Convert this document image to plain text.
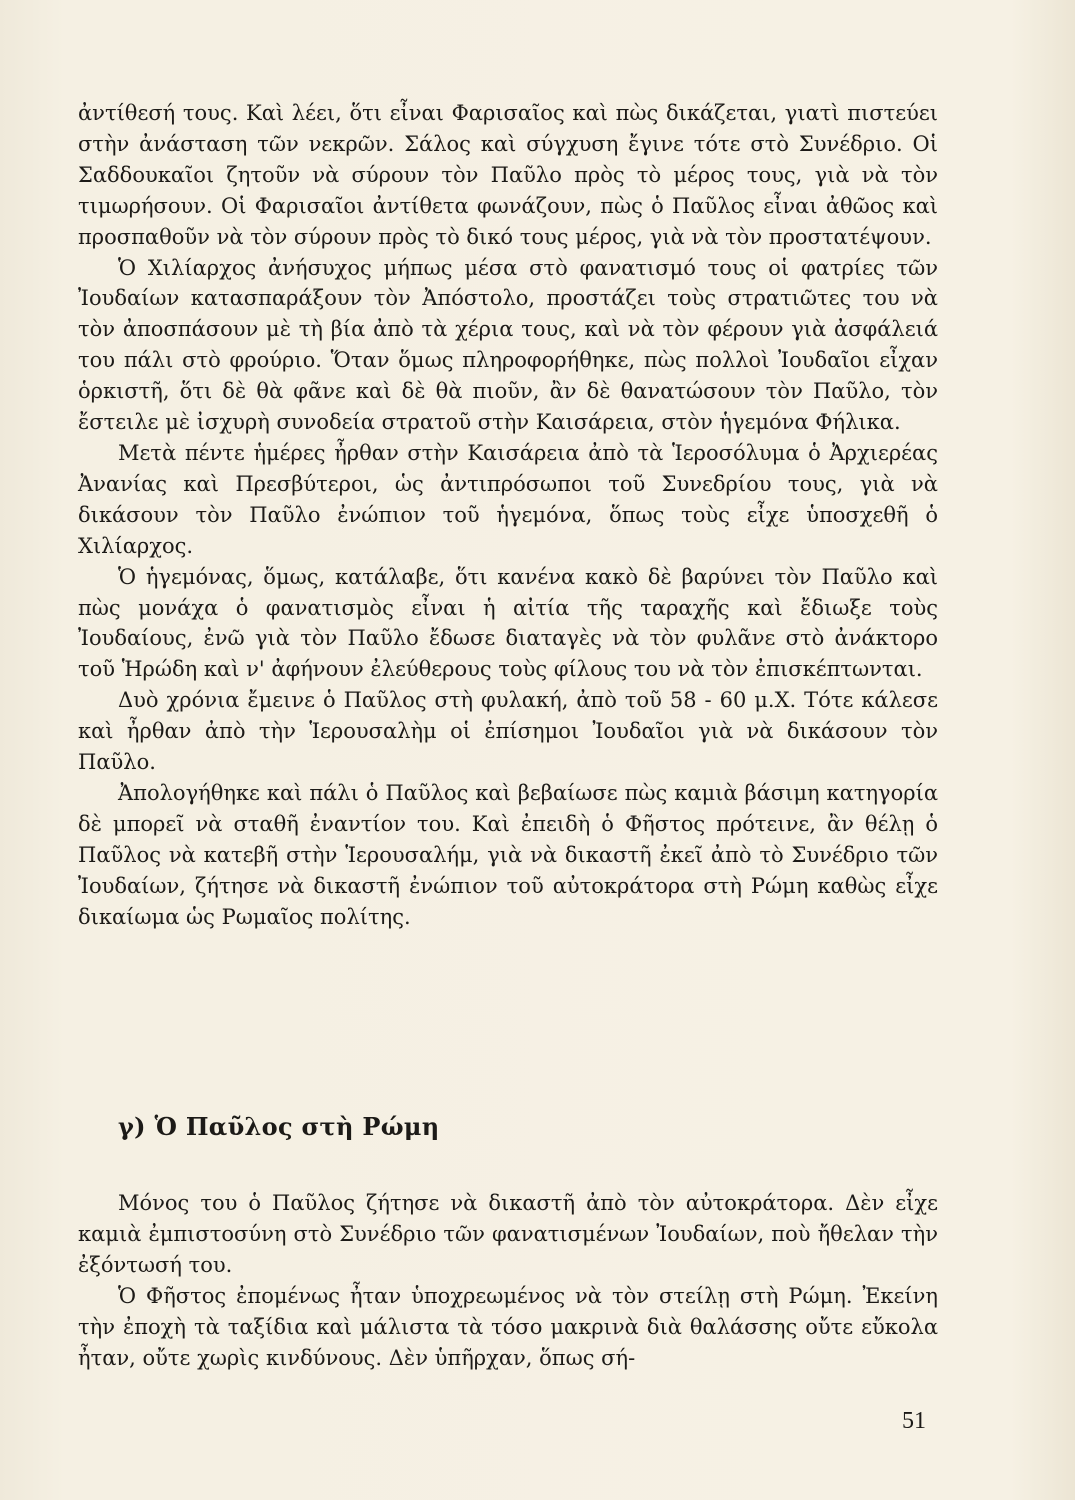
ἀντίθεσή τους. Καὶ λέει, ὅτι εἶναι Φαρισαῖος καὶ πὼς δικάζεται, γιατὶ πιστεύει στὴν ἀνάσταση τῶν νεκρῶν. Σάλος καὶ σύγχυση ἔγινε τότε στὸ Συνέδριο. Οἱ Σαδδουκαῖοι ζητοῦν νὰ σύρουν τὸν Παῦλο πρὸς τὸ μέρος τους, γιὰ νὰ τὸν τιμωρήσουν. Οἱ Φαρισαῖοι ἀντίθετα φωνάζουν, πὼς ὁ Παῦλος εἶναι ἀθῶος καὶ προσπαθοῦν νὰ τὸν σύρουν πρὸς τὸ δικό τους μέρος, γιὰ νὰ τὸν προστατέψουν.

Ὁ Χιλίαρχος ἀνήσυχος μήπως μέσα στὸ φανατισμό τους οἱ φατρίες τῶν Ἰουδαίων κατασπαράξουν τὸν Ἀπόστολο, προστάζει τοὺς στρατιῶτες του νὰ τὸν ἀποσπάσουν μὲ τὴ βία ἀπὸ τὰ χέρια τους, καὶ νὰ τὸν φέρουν γιὰ ἀσφάλειά του πάλι στὸ φρούριο. Ὅταν ὅμως πληροφορήθηκε, πὼς πολλοὶ Ἰουδαῖοι εἶχαν ὁρκιστῆ, ὅτι δὲ θὰ φᾶνε καὶ δὲ θὰ πιοῦν, ἂν δὲ θανατώσουν τὸν Παῦλο, τὸν ἔστειλε μὲ ἰσχυρὴ συνοδεία στρατοῦ στὴν Καισάρεια, στὸν ἡγεμόνα Φήλικα.

Μετὰ πέντε ἡμέρες ἦρθαν στὴν Καισάρεια ἀπὸ τὰ Ἱεροσόλυμα ὁ Ἀρχιερέας Ἀνανίας καὶ Πρεσβύτεροι, ὡς ἀντιπρόσωποι τοῦ Συνεδρίου τους, γιὰ νὰ δικάσουν τὸν Παῦλο ἐνώπιον τοῦ ἡγεμόνα, ὅπως τοὺς εἶχε ὑποσχεθῆ ὁ Χιλίαρχος.

Ὁ ἡγεμόνας, ὅμως, κατάλαβε, ὅτι κανένα κακὸ δὲ βαρύνει τὸν Παῦλο καὶ πὼς μονάχα ὁ φανατισμὸς εἶναι ἡ αἰτία τῆς ταραχῆς καὶ ἔδιωξε τοὺς Ἰουδαίους, ἐνῶ γιὰ τὸν Παῦλο ἔδωσε διαταγὲς νὰ τὸν φυλᾶνε στὸ ἀνάκτορο τοῦ Ἡρώδη καὶ ν' ἀφήνουν ἐλεύθερους τοὺς φίλους του νὰ τὸν ἐπισκέπτωνται.

Δυὸ χρόνια ἔμεινε ὁ Παῦλος στὴ φυλακή, ἀπὸ τοῦ 58 - 60 μ.Χ. Τότε κάλεσε καὶ ἦρθαν ἀπὸ τὴν Ἱερουσαλὴμ οἱ ἐπίσημοι Ἰουδαῖοι γιὰ νὰ δικάσουν τὸν Παῦλο.

Ἀπολογήθηκε καὶ πάλι ὁ Παῦλος καὶ βεβαίωσε πὼς καμιὰ βάσιμη κατηγορία δὲ μπορεῖ νὰ σταθῆ ἐναντίον του. Καὶ ἐπειδὴ ὁ Φῆστος πρότεινε, ἂν θέλῃ ὁ Παῦλος νὰ κατεβῆ στὴν Ἱερουσαλήμ, γιὰ νὰ δικαστῆ ἐκεῖ ἀπὸ τὸ Συνέδριο τῶν Ἰουδαίων, ζήτησε νὰ δικαστῆ ἐνώπιον τοῦ αὐτοκράτορα στὴ Ρώμη καθὼς εἶχε δικαίωμα ὡς Ρωμαῖος πολίτης.

γ) Ὁ Παῦλος στὴ Ρώμη

Μόνος του ὁ Παῦλος ζήτησε νὰ δικαστῆ ἀπὸ τὸν αὐτοκράτορα. Δὲν εἶχε καμιὰ ἐμπιστοσύνη στὸ Συνέδριο τῶν φανατισμένων Ἰουδαίων, ποὺ ἤθελαν τὴν ἐξόντωσή του.

Ὁ Φῆστος ἐπομένως ἦταν ὑποχρεωμένος νὰ τὸν στείλῃ στὴ Ρώμη. Ἐκείνη τὴν ἐποχὴ τὰ ταξίδια καὶ μάλιστα τὰ τόσο μακρινὰ διὰ θαλάσσης οὔτε εὔκολα ἦταν, οὔτε χωρὶς κινδύνους. Δὲν ὑπῆρχαν, ὅπως σή-

51
